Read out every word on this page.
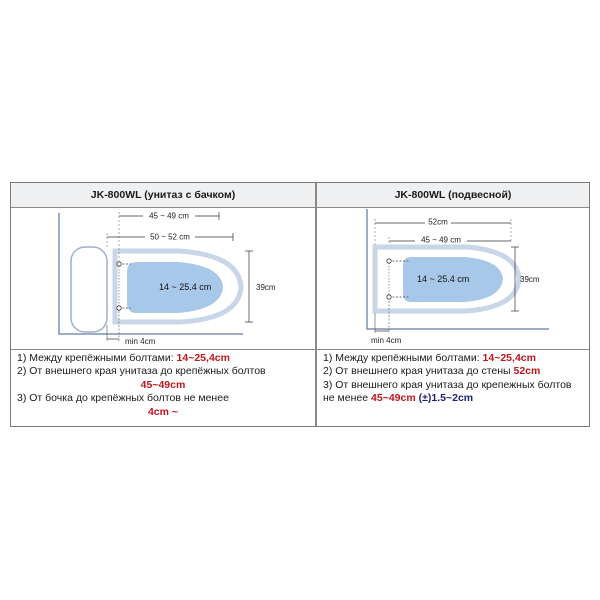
JK-800WL (унитаз с бачком)
45 ~ 49 cm
50 ~ 52 cm
39cm
14 ~ 25.4 cm
min 4cm
1) Между крепёжными болтами: 14~25,4cm
2) От внешнего края унитаза до крепёжных болтов
45~49cm
3) От бочка до крепёжных болтов не менее
4cm ~
JK-800WL (подвесной)
52cm
45 ~ 49 cm
14 ~ 25.4 cm	39cm
min 4cm
1) Между крепёжными болтами: 14~25,4cm
2) От внешнего края унитаза до стены 52cm
3) От внешнего края унитаза до крепежных болтов
не менее 45~49cm (±)1.5~2cm
